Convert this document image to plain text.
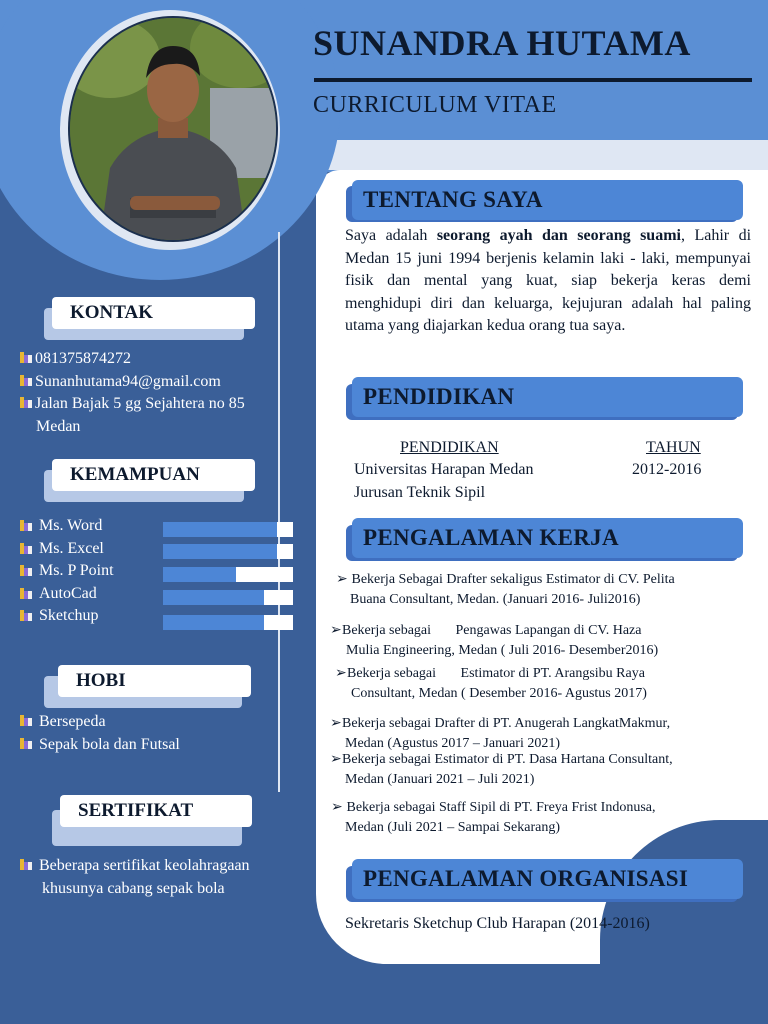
SUNANDRA HUTAMA
CURRICULUM VITAE
KONTAK
081375874272
Sunanhutama94@gmail.com
Jalan Bajak 5 gg Sejahtera no 85
Medan
KEMAMPUAN

Ms. Word

Ms. Excel

Ms. P Point

AutoCad

Sketchup
HOBI
Bersepeda
Sepak bola dan Futsal
SERTIFIKAT
Beberapa sertifikat keolahragaan
khusunya cabang sepak bola
TENTANG SAYA
Saya adalah seorang ayah dan seorang suami, Lahir di Medan 15 juni 1994 berjenis kelamin laki - laki, mempunyai fisik dan mental yang kuat, siap bekerja keras demi menghidupi diri dan keluarga, kejujuran adalah hal paling utama yang diajarkan kedua orang tua saya.
PENDIDIKAN
PENDIDIKAN	TAHUN
Universitas Harapan Medan	2012-2016
Jurusan Teknik Sipil
PENGALAMAN KERJA
➢ Bekerja Sebagai Drafter sekaligus Estimator di CV. Pelita
Buana Consultant, Medan. (Januari 2016- Juli2016)
➢Bekerja sebagai       Pengawas Lapangan di CV. Haza
Mulia Engineering, Medan ( Juli 2016- Desember2016)
➢Bekerja sebagai       Estimator di PT. Arangsibu Raya
Consultant, Medan ( Desember 2016- Agustus 2017)
➢Bekerja sebagai Drafter di PT. Anugerah LangkatMakmur,
Medan (Agustus 2017 – Januari 2021)
➢Bekerja sebagai Estimator di PT. Dasa Hartana Consultant,
Medan (Januari 2021 – Juli 2021)
➢ Bekerja sebagai Staff Sipil di PT. Freya Frist Indonusa,
Medan (Juli 2021 – Sampai Sekarang)
PENGALAMAN ORGANISASI
Sekretaris Sketchup Club Harapan (2014-2016)
